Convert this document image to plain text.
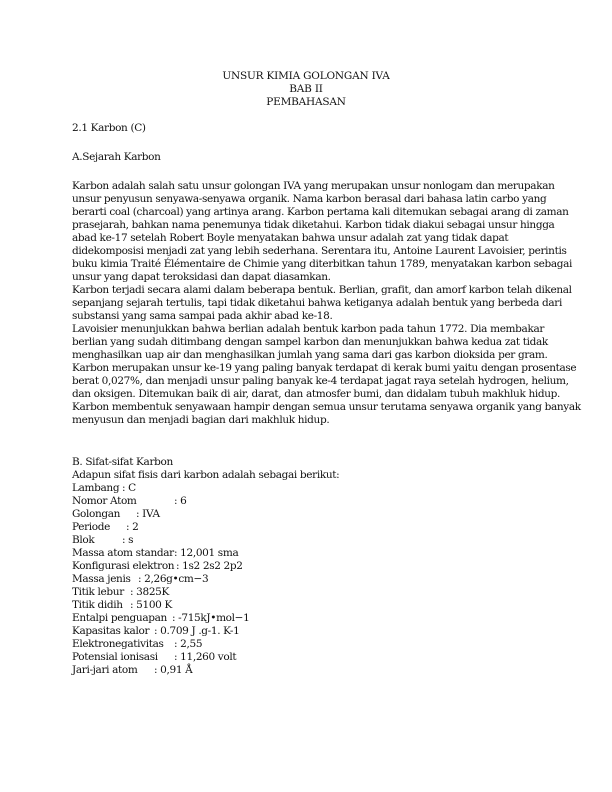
UNSUR KIMIA GOLONGAN IVA
BAB II
PEMBAHASAN
2.1 Karbon (C)
A.Sejarah Karbon
Karbon adalah salah satu unsur golongan IVA yang merupakan unsur nonlogam dan merupakan
unsur penyusun senyawa-senyawa organik. Nama karbon berasal dari bahasa latin carbo yang
berarti coal (charcoal) yang artinya arang. Karbon pertama kali ditemukan sebagai arang di zaman
prasejarah, bahkan nama penemunya tidak diketahui. Karbon tidak diakui sebagai unsur hingga
abad ke-17 setelah Robert Boyle menyatakan bahwa unsur adalah zat yang tidak dapat
didekomposisi menjadi zat yang lebih sederhana. Serentara itu, Antoine Laurent Lavoisier, perintis
buku kimia Traité Élémentaire de Chimie yang diterbitkan tahun 1789, menyatakan karbon sebagai
unsur yang dapat teroksidasi dan dapat diasamkan.
Karbon terjadi secara alami dalam beberapa bentuk. Berlian, grafit, dan amorf karbon telah dikenal
sepanjang sejarah tertulis, tapi tidak diketahui bahwa ketiganya adalah bentuk yang berbeda dari
substansi yang sama sampai pada akhir abad ke-18.
Lavoisier menunjukkan bahwa berlian adalah bentuk karbon pada tahun 1772. Dia membakar
berlian yang sudah ditimbang dengan sampel karbon dan menunjukkan bahwa kedua zat tidak
menghasilkan uap air dan menghasilkan jumlah yang sama dari gas karbon dioksida per gram.
Karbon merupakan unsur ke-19 yang paling banyak terdapat di kerak bumi yaitu dengan prosentase
berat 0,027%, dan menjadi unsur paling banyak ke-4 terdapat jagat raya setelah hydrogen, helium,
dan oksigen. Ditemukan baik di air, darat, dan atmosfer bumi, dan didalam tubuh makhluk hidup.
Karbon membentuk senyawaan hampir dengan semua unsur terutama senyawa organik yang banyak
menyusun dan menjadi bagian dari makhluk hidup.
B. Sifat-sifat Karbon
Adapun sifat fisis dari karbon adalah sebagai berikut:
Lambang : C
Nomor Atom	: 6
Golongan : IVA
Periode : 2
Blok	: s
Massa atom standar : 12,001 sma
Konfigurasi elektron : 1s2 2s2 2p2
Massa jenis : 2,26g•cm−3
Titik lebur : 3825K
Titik didih : 5100 K
Entalpi penguapan : -715kJ•mol−1
Kapasitas kalor : 0.709 J .g-1. K-1
Elektronegativitas : 2,55
Potensial ionisasi : 11,260 volt
Jari-jari atom : 0,91 Å
